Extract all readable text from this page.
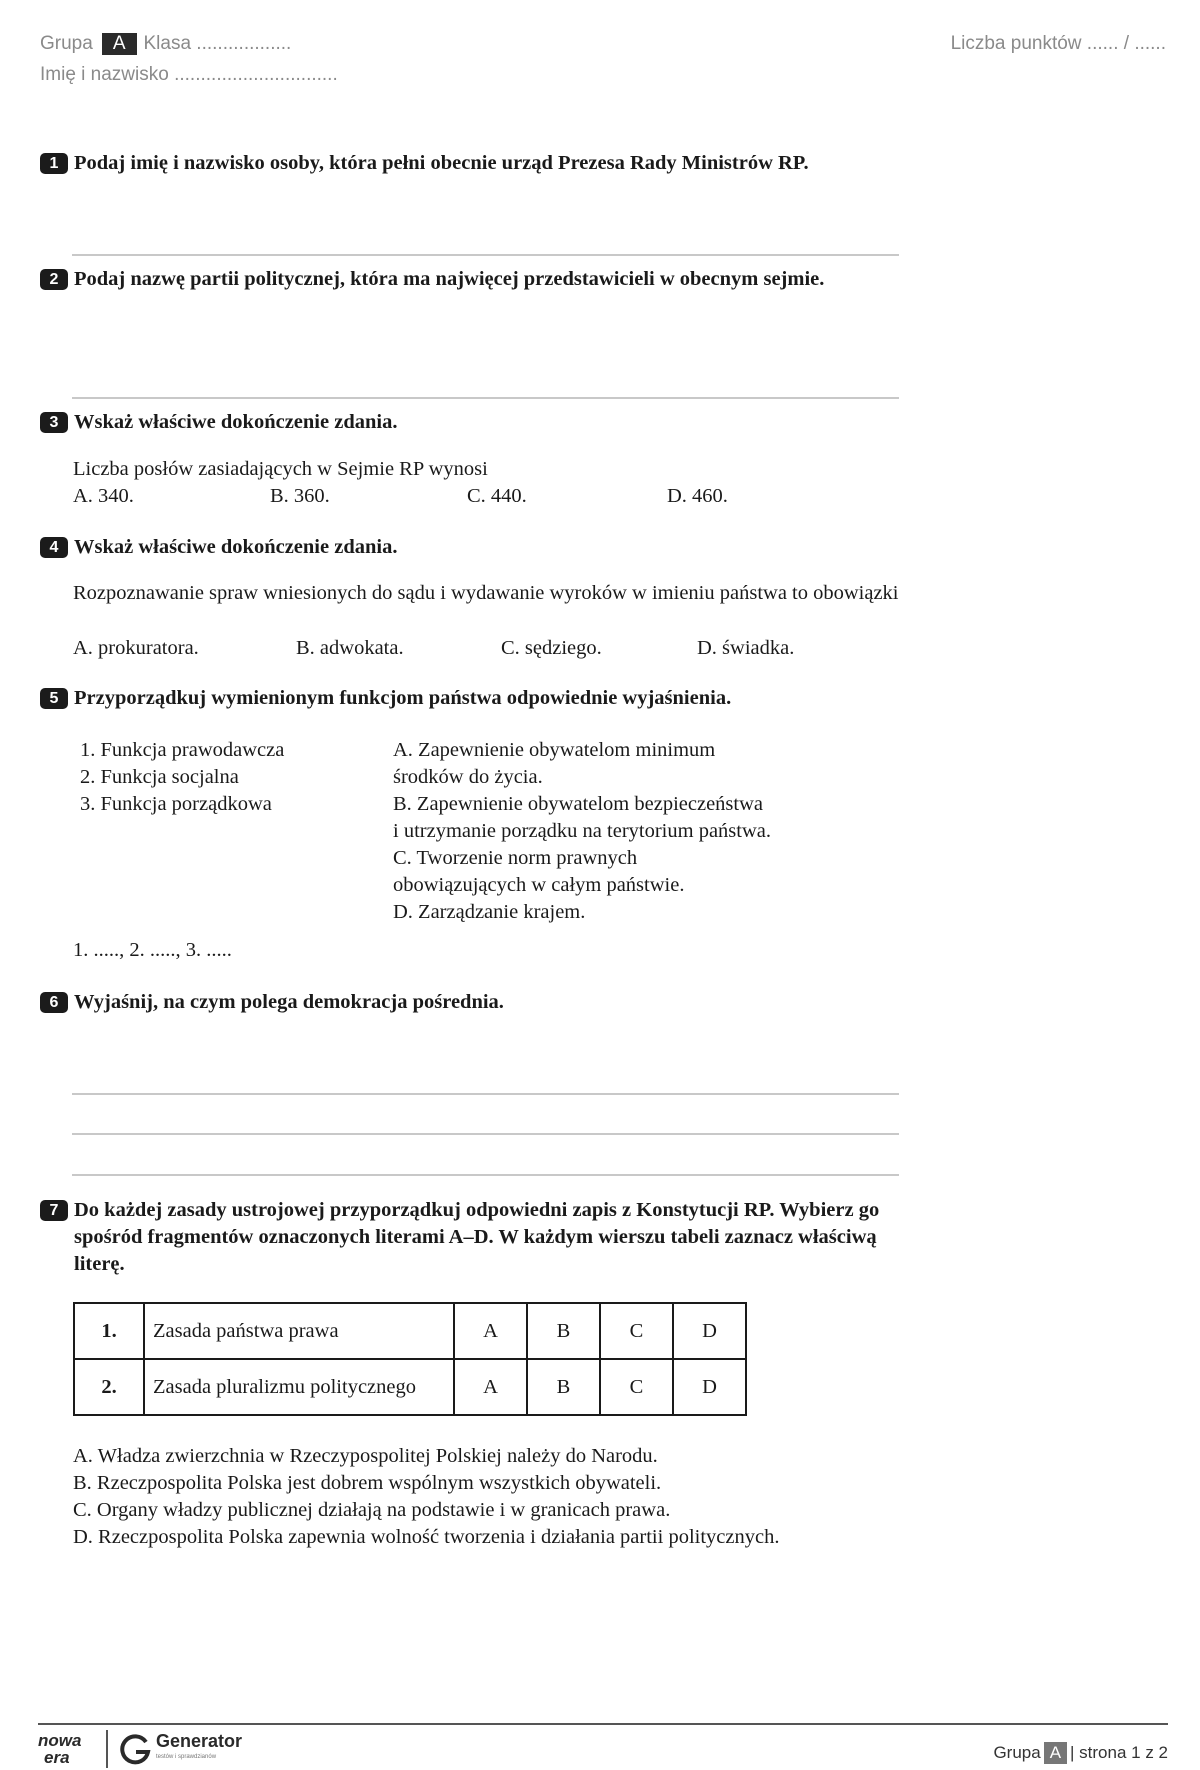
Grupa A Klasa ..................
Imię i nazwisko ...............................
Liczba punktów ...... / ......
1 Podaj imię i nazwisko osoby, która pełni obecnie urząd Prezesa Rady Ministrów RP.
2 Podaj nazwę partii politycznej, która ma najwięcej przedstawicieli w obecnym sejmie.
3 Wskaż właściwe dokończenie zdania.
Liczba posłów zasiadających w Sejmie RP wynosi
A. 340.	B. 360.	C. 440.	D. 460.
4 Wskaż właściwe dokończenie zdania.
Rozpoznawanie spraw wniesionych do sądu i wydawanie wyroków w imieniu państwa to obowiązki
A. prokuratora.	B. adwokata.	C. sędziego.	D. świadka.
5 Przyporządkuj wymienionym funkcjom państwa odpowiednie wyjaśnienia.
1. Funkcja prawodawcza
2. Funkcja socjalna
3. Funkcja porządkowa
A. Zapewnienie obywatelom minimum
środków do życia.
B. Zapewnienie obywatelom bezpieczeństwa
i utrzymanie porządku na terytorium państwa.
C. Tworzenie norm prawnych
obowiązujących w całym państwie.
D. Zarządzanie krajem.
1. ....., 2. ....., 3. .....
6 Wyjaśnij, na czym polega demokracja pośrednia.
7 Do każdej zasady ustrojowej przyporządkuj odpowiedni zapis z Konstytucji RP. Wybierz go spośród fragmentów oznaczonych literami A–D. W każdym wierszu tabeli zaznacz właściwą literę.
1.	Zasada państwa prawa	A	B	C	D
2.	Zasada pluralizmu politycznego	A	B	C	D
A. Władza zwierzchnia w Rzeczypospolitej Polskiej należy do Narodu.
B. Rzeczpospolita Polska jest dobrem wspólnym wszystkich obywateli.
C. Organy władzy publicznej działają na podstawie i w granicach prawa.
D. Rzeczpospolita Polska zapewnia wolność tworzenia i działania partii politycznych.
nowa
era
Generator
testów i sprawdzianów	Grupa A | strona 1 z 2
